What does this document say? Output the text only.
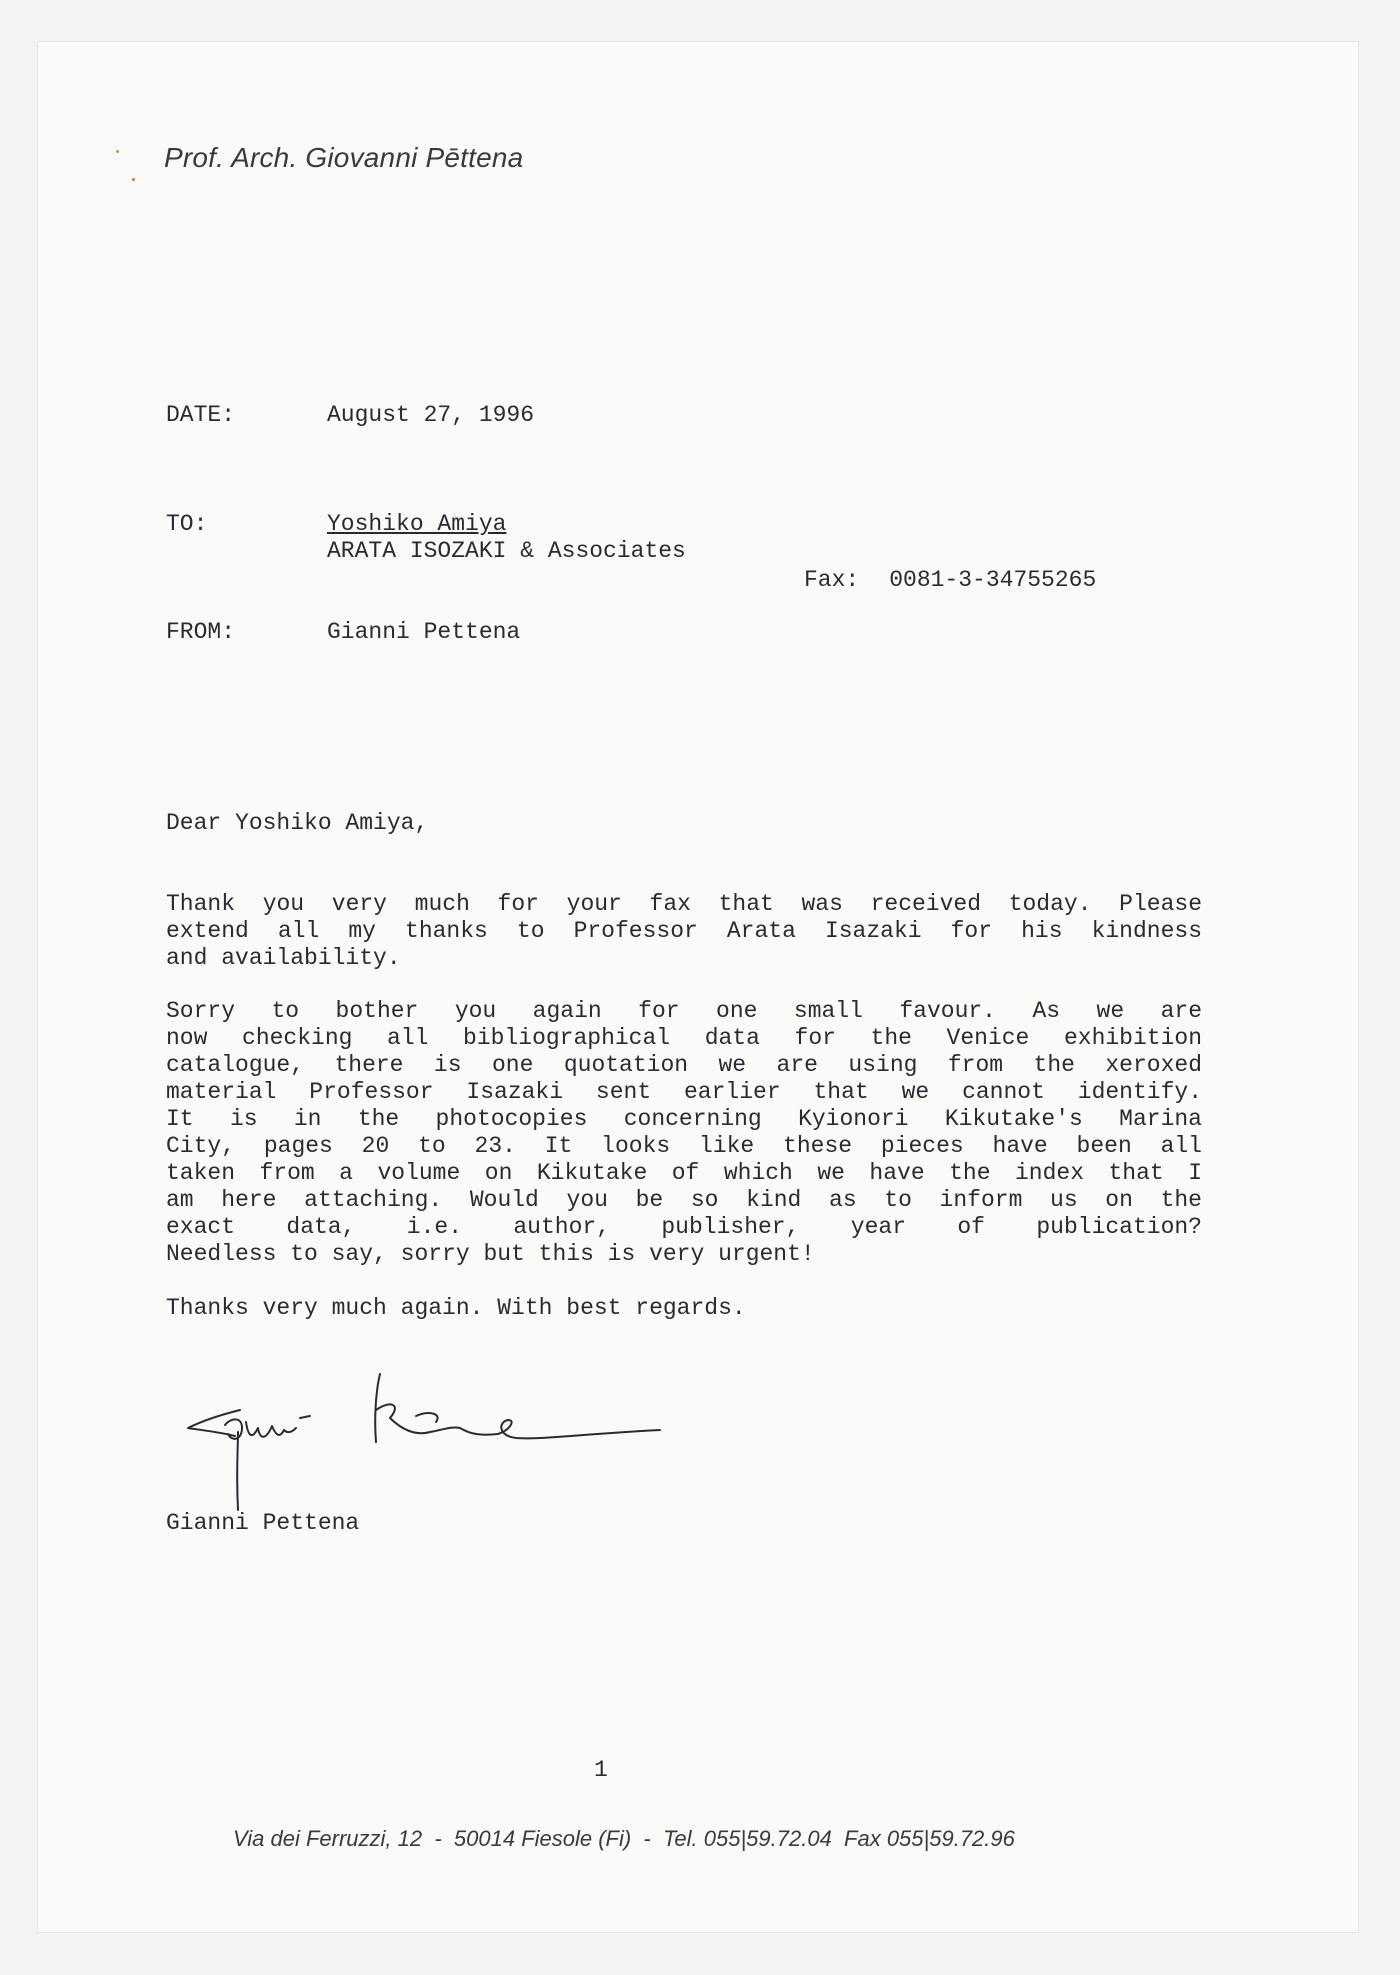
Prof. Arch. Giovanni Pēttena
DATE:	August 27, 1996
TO:	Yoshiko Amiya
ARATA ISOZAKI & Associates
Fax: 0081-3-34755265
FROM:	Gianni Pettena
Dear Yoshiko Amiya,
Thank you very much for your fax that was received today. Please
extend all my thanks to Professor Arata Isazaki for his kindness
and availability.
Sorry to bother you again for one small favour. As we are
now checking all bibliographical data for the Venice exhibition
catalogue, there is one quotation we are using from the xeroxed
material Professor Isazaki sent earlier that we cannot identify.
It is in the photocopies concerning Kyionori Kikutake's Marina
City, pages 20 to 23. It looks like these pieces have been all
taken from a volume on Kikutake of which we have the index that I
am here attaching. Would you be so kind as to inform us on the
exact data, i.e. author, publisher, year of publication?
Needless to say, sorry but this is very urgent!
Thanks very much again. With best regards.
Gianni Pettena
1
Via dei Ferruzzi, 12  -  50014 Fiesole (Fi)  -  Tel. 055|59.72.04  Fax 055|59.72.96
